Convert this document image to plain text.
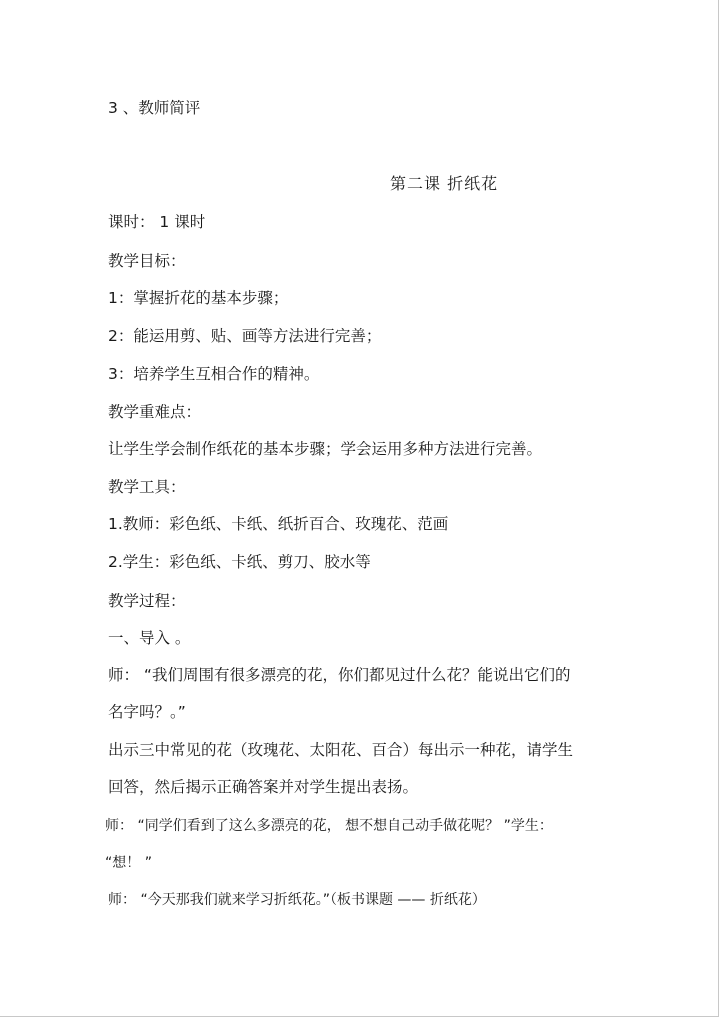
3 、教师简评
第二课 折纸花
课时： 1 课时
教学目标：
1：掌握折花的基本步骤；
2：能运用剪、贴、画等方法进行完善；
3：培养学生互相合作的精神。
教学重难点：
让学生学会制作纸花的基本步骤；学会运用多种方法进行完善。
教学工具：
1.教师：彩色纸、卡纸、纸折百合、玫瑰花、范画
2.学生：彩色纸、卡纸、剪刀、胶水等
教学过程：
一、导入 。
师： “我们周围有很多漂亮的花，你们都见过什么花？能说出它们的
名字吗？。”
出示三中常见的花（玫瑰花、太阳花、百合）每出示一种花，请学生
回答，然后揭示正确答案并对学生提出表扬。
师： “同学们看到了这么多漂亮的花， 想不想自己动手做花呢？ ”学生：
“想！ ”
师： “今天那我们就来学习折纸花。”（板书课题 —— 折纸花）
